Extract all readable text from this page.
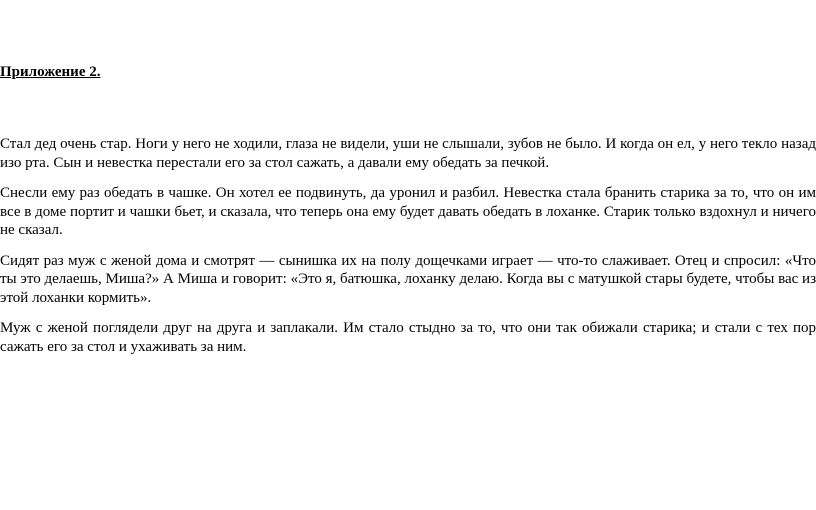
Приложение 2.

Стал дед очень стар. Ноги у него не ходили, глаза не видели, уши не слышали, зубов не было. И когда он ел, у него текло назад изо рта. Сын и невестка перестали его за стол сажать, а давали ему обедать за печкой.

Снесли ему раз обедать в чашке. Он хотел ее подвинуть, да уронил и разбил. Невестка стала бранить старика за то, что он им все в доме портит и чашки бьет, и сказала, что теперь она ему будет давать обедать в лоханке. Старик только вздохнул и ничего не сказал.

Сидят раз муж с женой дома и смотрят — сынишка их на полу дощечками играет — что-то слаживает. Отец и спросил: «Что ты это делаешь, Миша?» А Миша и говорит: «Это я, батюшка, лоханку делаю. Когда вы с матушкой стары будете, чтобы вас из этой лоханки кормить».

Муж с женой поглядели друг на друга и заплакали. Им стало стыдно за то, что они так обижали старика; и стали с тех пор сажать его за стол и ухаживать за ним.
